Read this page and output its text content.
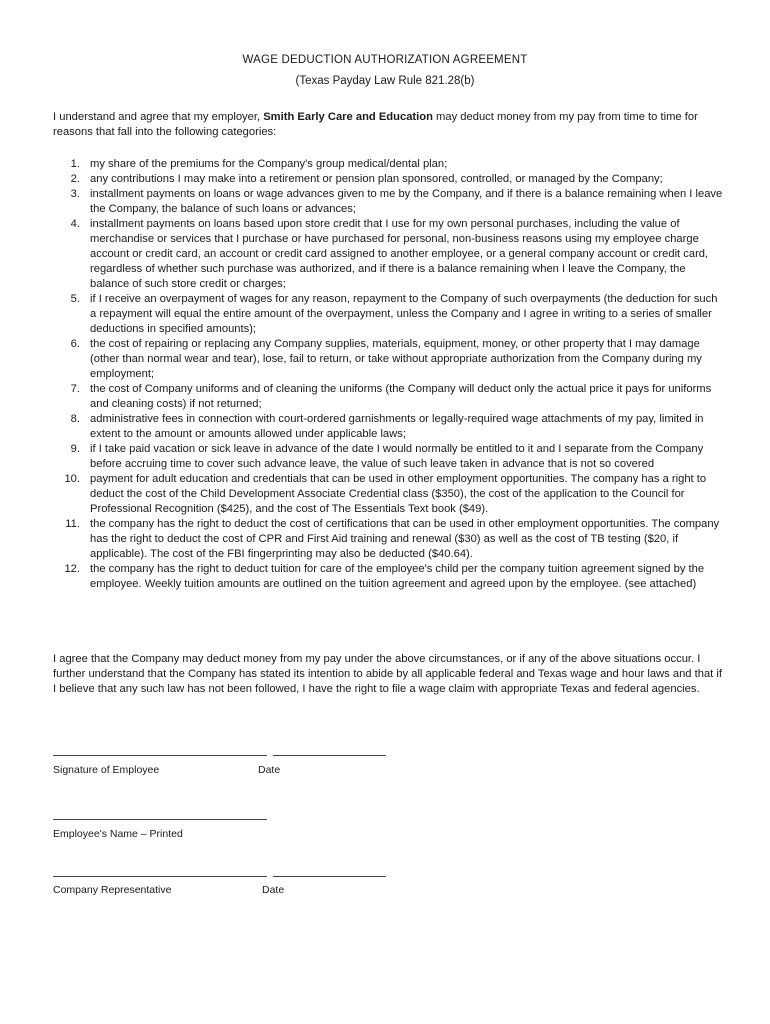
WAGE DEDUCTION AUTHORIZATION AGREEMENT
(Texas Payday Law Rule 821.28(b)
I understand and agree that my employer, Smith Early Care and Education may deduct money from my pay from time to time for reasons that fall into the following categories:
1. my share of the premiums for the Company's group medical/dental plan;
2. any contributions I may make into a retirement or pension plan sponsored, controlled, or managed by the Company;
3. installment payments on loans or wage advances given to me by the Company, and if there is a balance remaining when I leave the Company, the balance of such loans or advances;
4. installment payments on loans based upon store credit that I use for my own personal purchases, including the value of merchandise or services that I purchase or have purchased for personal, non-business reasons using my employee charge account or credit card, an account or credit card assigned to another employee, or a general company account or credit card, regardless of whether such purchase was authorized, and if there is a balance remaining when I leave the Company, the balance of such store credit or charges;
5. if I receive an overpayment of wages for any reason, repayment to the Company of such overpayments (the deduction for such a repayment will equal the entire amount of the overpayment, unless the Company and I agree in writing to a series of smaller deductions in specified amounts);
6. the cost of repairing or replacing any Company supplies, materials, equipment, money, or other property that I may damage (other than normal wear and tear), lose, fail to return, or take without appropriate authorization from the Company during my employment;
7. the cost of Company uniforms and of cleaning the uniforms (the Company will deduct only the actual price it pays for uniforms and cleaning costs) if not returned;
8. administrative fees in connection with court-ordered garnishments or legally-required wage attachments of my pay, limited in extent to the amount or amounts allowed under applicable laws;
9. if I take paid vacation or sick leave in advance of the date I would normally be entitled to it and I separate from the Company before accruing time to cover such advance leave, the value of such leave taken in advance that is not so covered
10. payment for adult education and credentials that can be used in other employment opportunities. The company has a right to deduct the cost of the Child Development Associate Credential class ($350), the cost of the application to the Council for Professional Recognition ($425), and the cost of The Essentials Text book ($49).
11. the company has the right to deduct the cost of certifications that can be used in other employment opportunities. The company has the right to deduct the cost of CPR and First Aid training and renewal ($30) as well as the cost of TB testing ($20, if applicable). The cost of the FBI fingerprinting may also be deducted ($40.64).
12. the company has the right to deduct tuition for care of the employee's child per the company tuition agreement signed by the employee. Weekly tuition amounts are outlined on the tuition agreement and agreed upon by the employee. (see attached)
I agree that the Company may deduct money from my pay under the above circumstances, or if any of the above situations occur. I further understand that the Company has stated its intention to abide by all applicable federal and Texas wage and hour laws and that if I believe that any such law has not been followed, I have the right to file a wage claim with appropriate Texas and federal agencies.
Signature of Employee	Date
Employee's Name – Printed
Company Representative	Date
